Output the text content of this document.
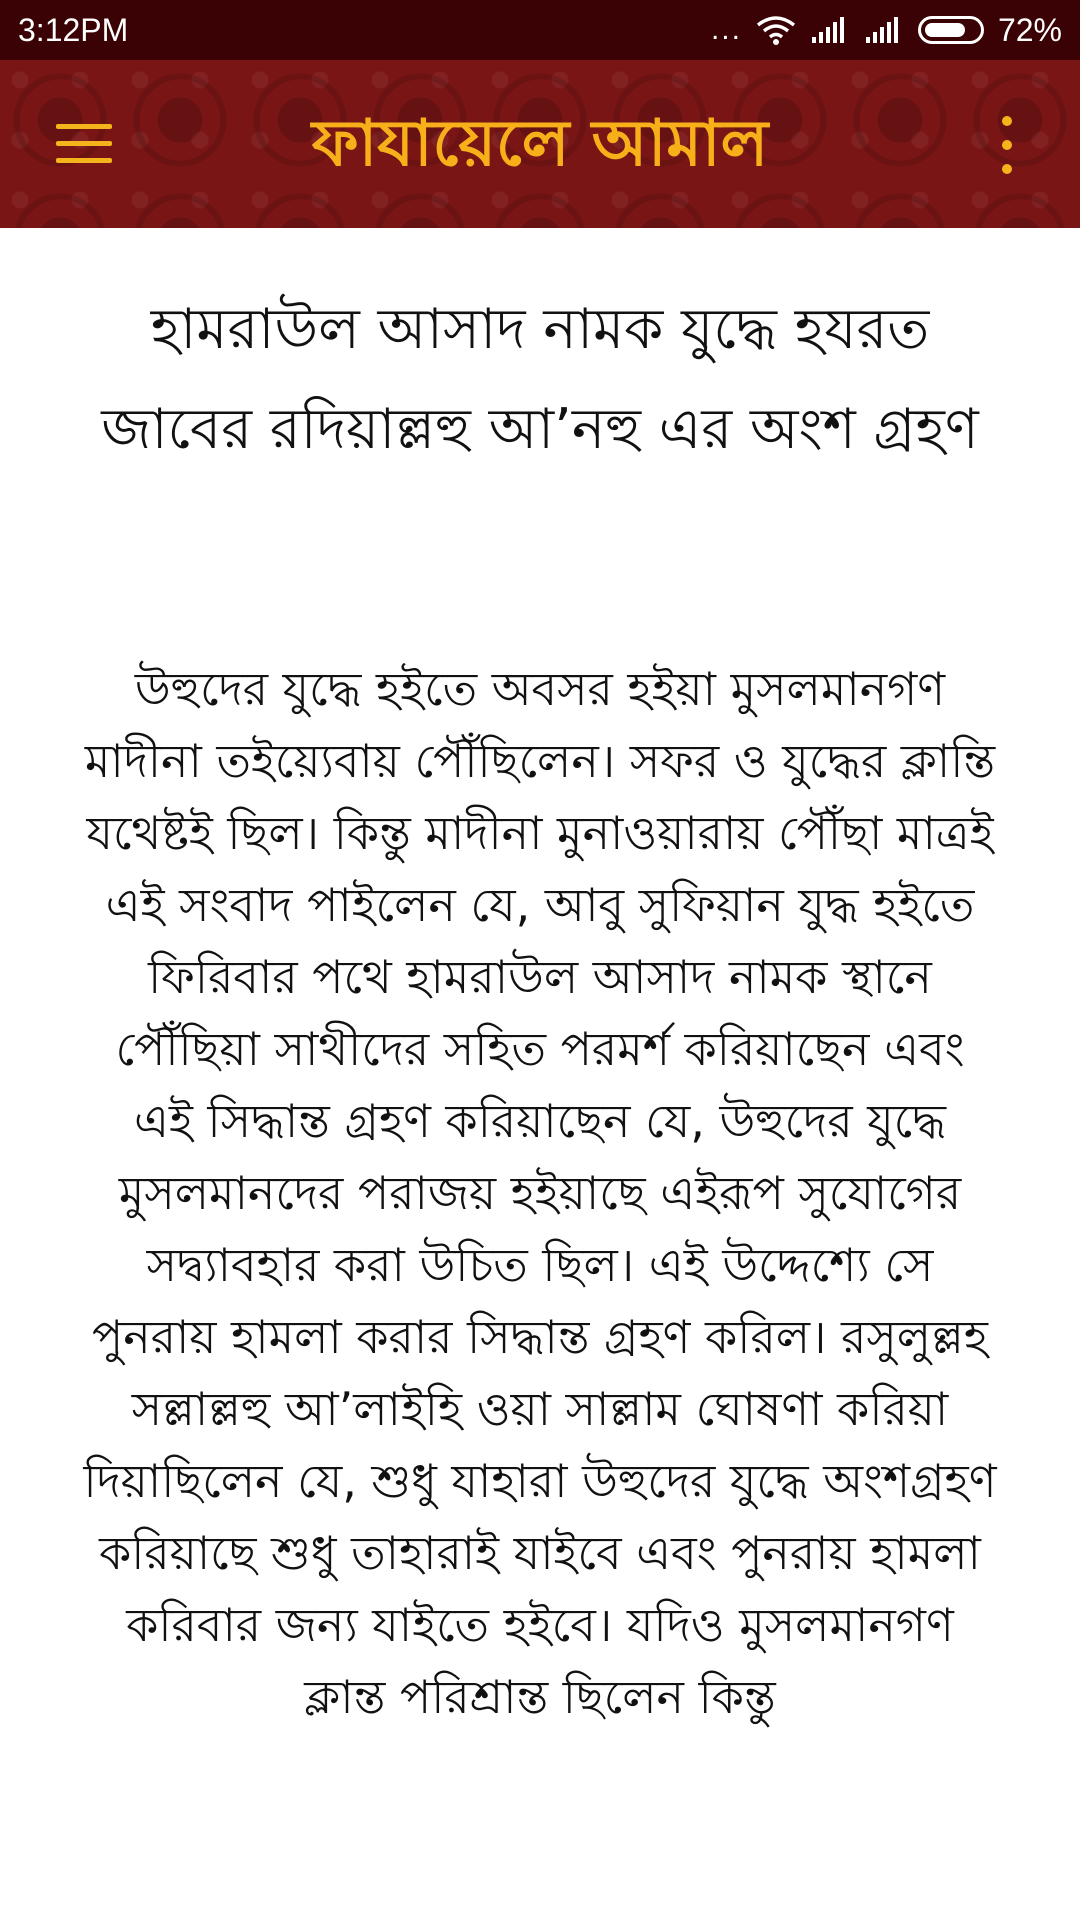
3:12PM	...	72%
ফাযায়েলে আমাল
হামরাউল আসাদ নামক যুদ্ধে হযরত জাবের রদিয়াল্লহু আ’নহু এর অংশ গ্রহণ

উহুদের যুদ্ধে হইতে অবসর হইয়া মুসলমানগণ মাদীনা তইয়্যেবায় পৌঁছিলেন। সফর ও যুদ্ধের ক্লান্তি যথেষ্টই ছিল। কিন্তু মাদীনা মুনাওয়ারায় পৌঁছা মাত্রই এই সংবাদ পাইলেন যে, আবু সুফিয়ান যুদ্ধ হইতে ফিরিবার পথে হামরাউল আসাদ নামক স্থানে পৌঁছিয়া সাথীদের সহিত পরমর্শ করিয়াছেন এবং এই সিদ্ধান্ত গ্রহণ করিয়াছেন যে, উহুদের যুদ্ধে মুসলমানদের পরাজয় হইয়াছে এইরূপ সুযোগের সদ্ব্যাবহার করা উচিত ছিল। এই উদ্দেশ্যে সে পুনরায় হামলা করার সিদ্ধান্ত গ্রহণ করিল। রসুলুল্লহ সল্লাল্লহু আ’লাইহি ওয়া সাল্লাম ঘোষণা করিয়া দিয়াছিলেন যে, শুধু যাহারা উহুদের যুদ্ধে অংশগ্রহণ করিয়াছে শুধু তাহারাই যাইবে এবং পুনরায় হামলা করিবার জন্য যাইতে হইবে। যদিও মুসলমানগণ ক্লান্ত পরিশ্রান্ত ছিলেন কিন্তু
